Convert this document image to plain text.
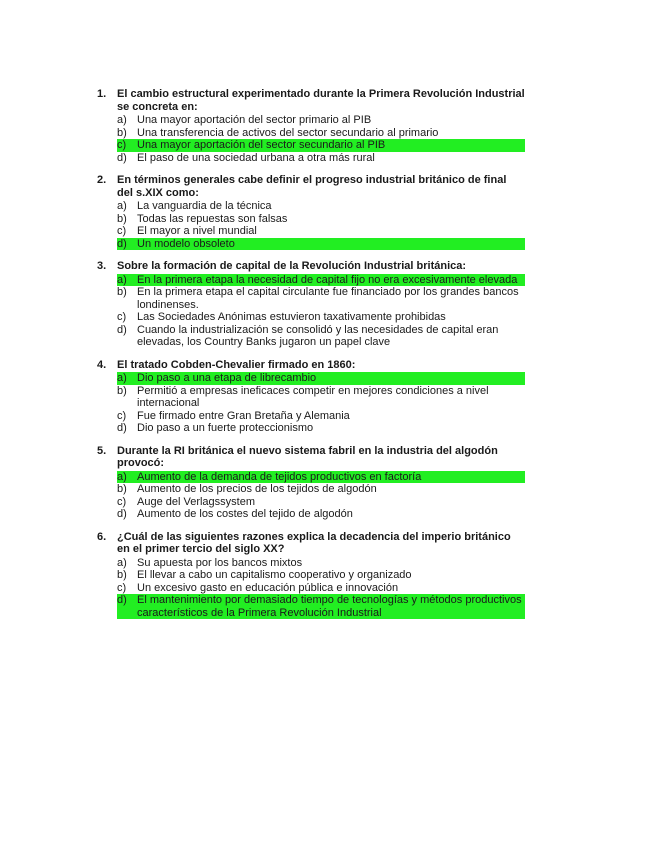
1. El cambio estructural experimentado durante la Primera Revolución Industrial se concreta en:
a) Una mayor aportación del sector primario al PIB
b) Una transferencia de activos del sector secundario al primario
c) Una mayor aportación del sector secundario al PIB
d) El paso de una sociedad urbana a otra más rural
2. En términos generales cabe definir el progreso industrial británico de final del s.XIX como:
a) La vanguardia de la técnica
b) Todas las repuestas son falsas
c) El mayor a nivel mundial
d) Un modelo obsoleto
3. Sobre la formación de capital de la Revolución Industrial británica:
a) En la primera etapa la necesidad de capital fijo no era excesivamente elevada
b) En la primera etapa el capital circulante fue financiado por los grandes bancos londinenses.
c) Las Sociedades Anónimas estuvieron taxativamente prohibidas
d) Cuando la industrialización se consolidó y las necesidades de capital eran elevadas, los Country Banks jugaron un papel clave
4. El tratado Cobden-Chevalier firmado en 1860:
a) Dio paso a una etapa de librecambio
b) Permitió a empresas ineficaces competir en mejores condiciones a nivel internacional
c) Fue firmado entre Gran Bretaña y Alemania
d) Dio paso a un fuerte proteccionismo
5. Durante la RI británica el nuevo sistema fabril en la industria del algodón provocó:
a) Aumento de la demanda de tejidos productivos en factoría
b) Aumento de los precios de los tejidos de algodón
c) Auge del Verlagssystem
d) Aumento de los costes del tejido de algodón
6. ¿Cuál de las siguientes razones explica la decadencia del imperio británico en el primer tercio del siglo XX?
a) Su apuesta por los bancos mixtos
b) El llevar a cabo un capitalismo cooperativo y organizado
c) Un excesivo gasto en educación pública e innovación
d) El mantenimiento por demasiado tiempo de tecnologías y métodos productivos característicos de la Primera Revolución Industrial
